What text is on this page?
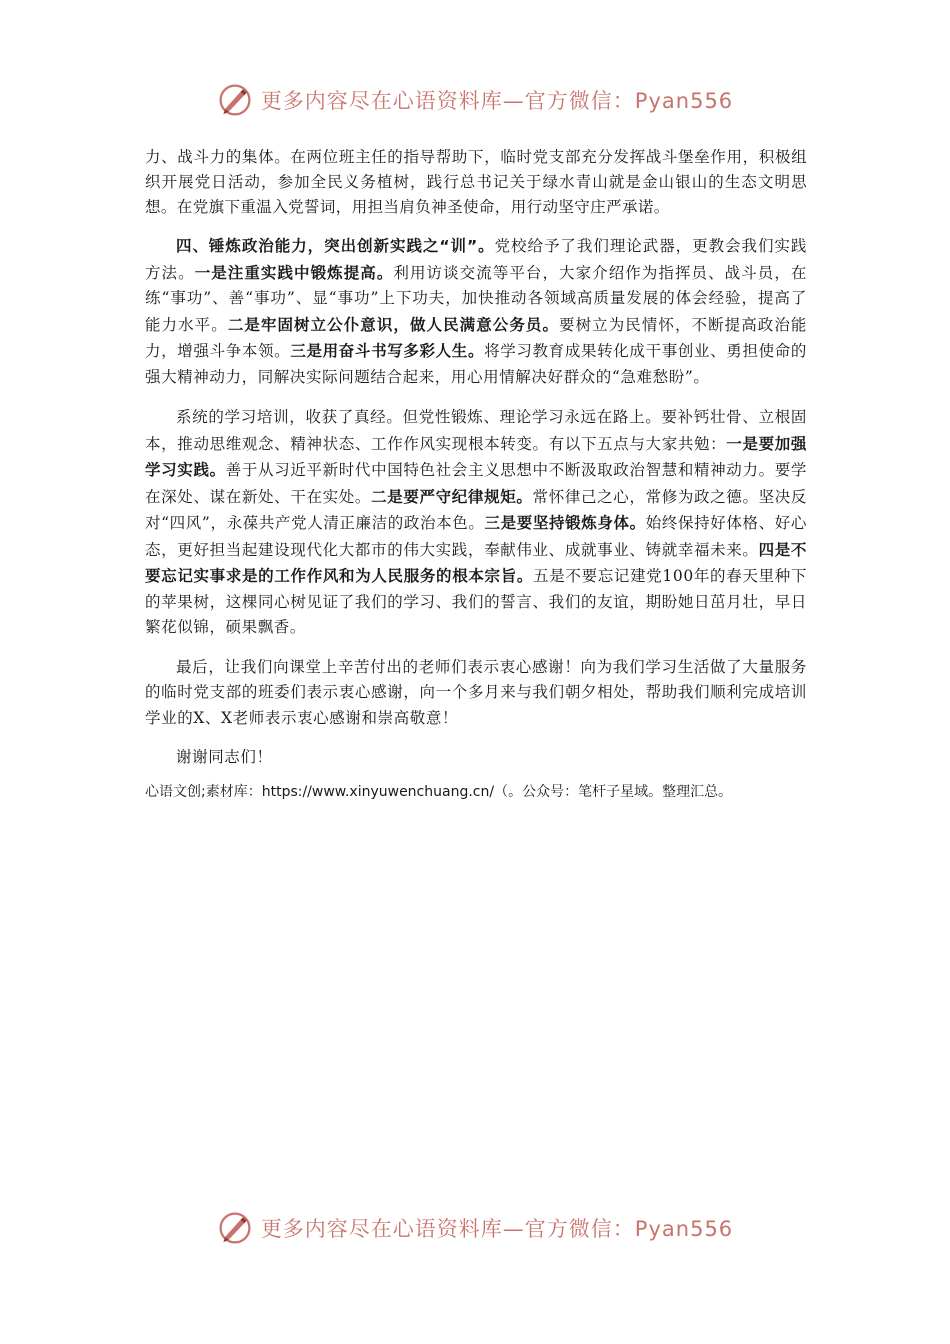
更多内容尽在心语资料库—官方微信：Pyan556

力、战斗力的集体。在两位班主任的指导帮助下，临时党支部充分发挥战斗堡垒作用，积极组织开展党日活动，参加全民义务植树，践行总书记关于绿水青山就是金山银山的生态文明思想。在党旗下重温入党誓词，用担当肩负神圣使命，用行动坚守庄严承诺。

四、锤炼政治能力，突出创新实践之“训”。党校给予了我们理论武器，更教会我们实践方法。一是注重实践中锻炼提高。利用访谈交流等平台，大家介绍作为指挥员、战斗员，在练“事功”、善“事功”、显“事功”上下功夫，加快推动各领域高质量发展的体会经验，提高了能力水平。二是牢固树立公仆意识，做人民满意公务员。要树立为民情怀，不断提高政治能力，增强斗争本领。三是用奋斗书写多彩人生。将学习教育成果转化成干事创业、勇担使命的强大精神动力，同解决实际问题结合起来，用心用情解决好群众的“急难愁盼”。

系统的学习培训，收获了真经。但党性锻炼、理论学习永远在路上。要补钙壮骨、立根固本，推动思维观念、精神状态、工作作风实现根本转变。有以下五点与大家共勉：一是要加强学习实践。善于从习近平新时代中国特色社会主义思想中不断汲取政治智慧和精神动力。要学在深处、谋在新处、干在实处。二是要严守纪律规矩。常怀律己之心，常修为政之德。坚决反对“四风”，永葆共产党人清正廉洁的政治本色。三是要坚持锻炼身体。始终保持好体格、好心态，更好担当起建设现代化大都市的伟大实践，奉献伟业、成就事业、铸就幸福未来。四是不要忘记实事求是的工作作风和为人民服务的根本宗旨。五是不要忘记建党100年的春天里种下的苹果树，这棵同心树见证了我们的学习、我们的誓言、我们的友谊，期盼她日茁月壮，早日繁花似锦，硕果飘香。

最后，让我们向课堂上辛苦付出的老师们表示衷心感谢！向为我们学习生活做了大量服务的临时党支部的班委们表示衷心感谢，向一个多月来与我们朝夕相处，帮助我们顺利完成培训学业的X、X老师表示衷心感谢和崇高敬意！

谢谢同志们！

心语文创;素材库：https://www.xinyuwenchuang.cn/（。公众号：笔杆子星域。整理汇总。
更多内容尽在心语资料库—官方微信：Pyan556
